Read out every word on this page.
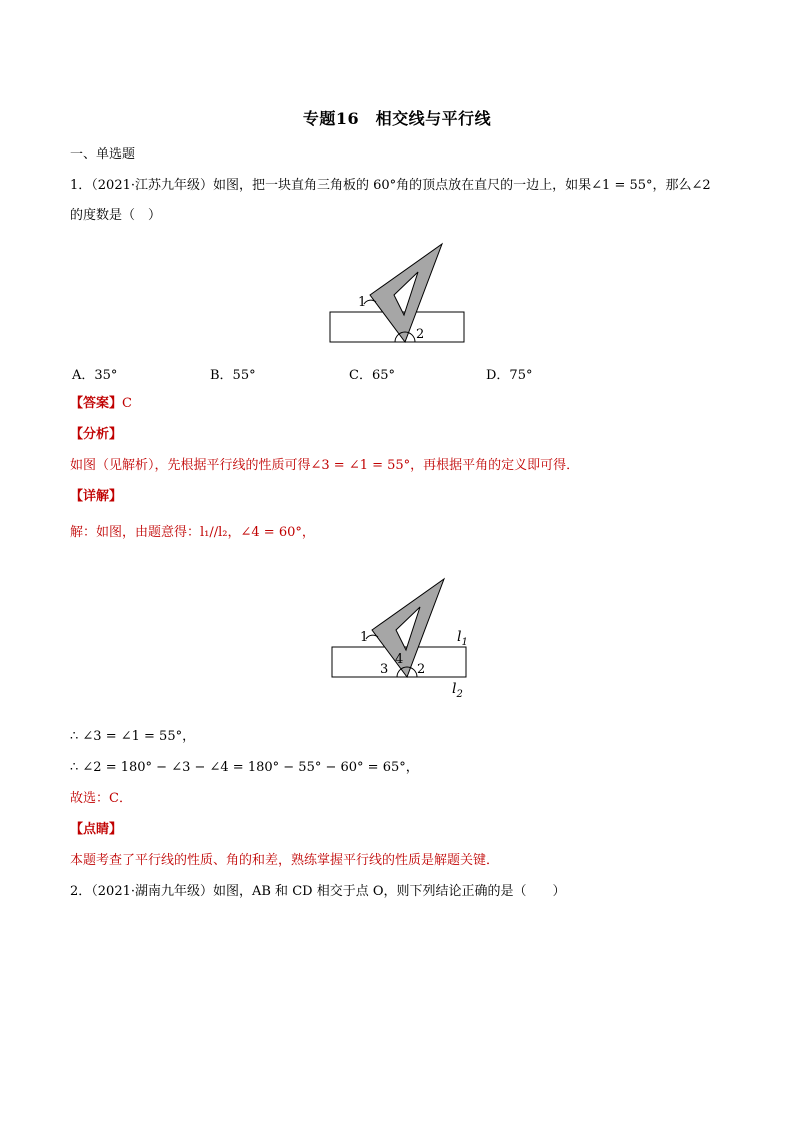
专题16　相交线与平行线
一、单选题
1．（2021·江苏九年级）如图，把一块直角三角板的 60°角的顶点放在直尺的一边上，如果∠1 = 55°，那么∠2
的度数是（　）
1
2
A．35°	B．55°	C．65°	D．75°
【答案】C
【分析】
如图（见解析），先根据平行线的性质可得∠3 = ∠1 = 55°，再根据平角的定义即可得．
【详解】
解：如图，由题意得：l₁//l₂，∠4 = 60°，
1
2
3
4
$l_1$
$l_2$
∴ ∠3 = ∠1 = 55°，
∴ ∠2 = 180° − ∠3 − ∠4 = 180° − 55° − 60° = 65°，
故选：C．
【点睛】
本题考查了平行线的性质、角的和差，熟练掌握平行线的性质是解题关键．
2．（2021·湖南九年级）如图，AB 和 CD 相交于点 O，则下列结论正确的是（　　）
